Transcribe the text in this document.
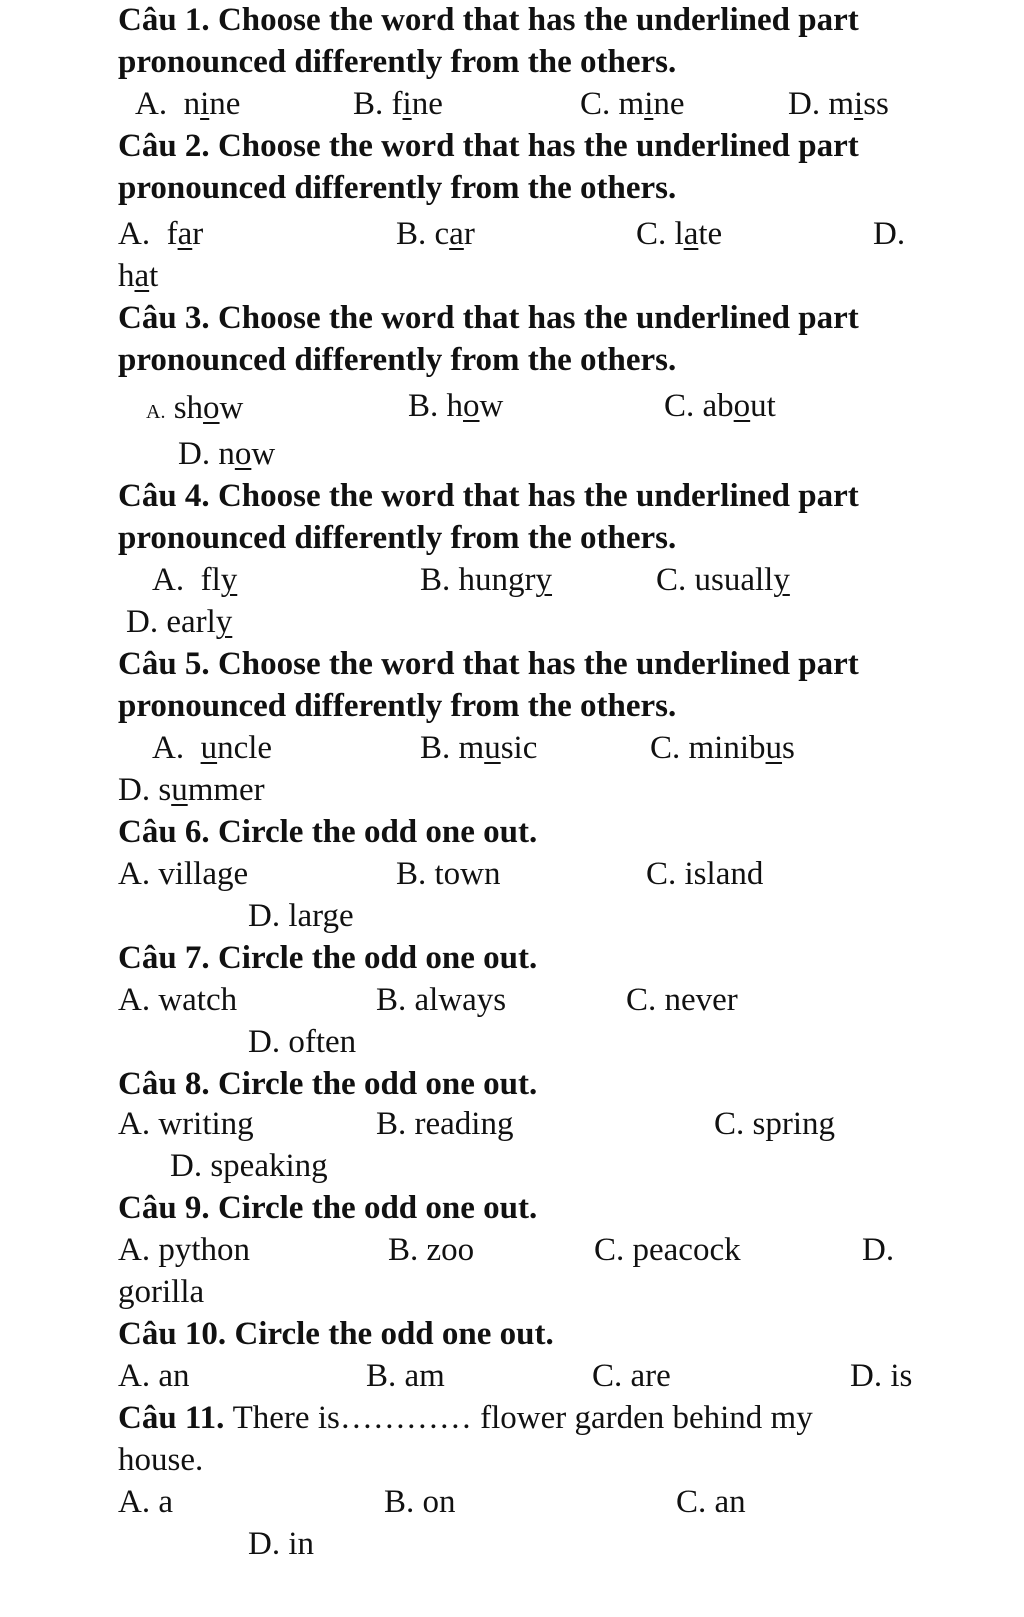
Câu 1. Choose the word that has the underlined part
pronounced differently from the others.
A. nine	B. fine	C. mine	D. miss
Câu 2. Choose the word that has the underlined part
pronounced differently from the others.
A. far	B. car	C. late	D.
hat
Câu 3. Choose the word that has the underlined part
pronounced differently from the others.
A. show	B. how	C. about
D. now
Câu 4. Choose the word that has the underlined part
pronounced differently from the others.
A. fly	B. hungry	C. usually
D. early
Câu 5. Choose the word that has the underlined part
pronounced differently from the others.
A. uncle	B. music	C. minibus
D. summer
Câu 6. Circle the odd one out.
A. village	B. town	C. island
D. large
Câu 7. Circle the odd one out.
A. watch	B. always	C. never
D. often
Câu 8. Circle the odd one out.
A. writing	B. reading	C. spring
D. speaking
Câu 9. Circle the odd one out.
A. python	B. zoo	C. peacock	D.
gorilla
Câu 10. Circle the odd one out.
A. an	B. am	C. are	D. is
Câu 11. There is………… flower garden behind my
house.
A. a	B. on	C. an
D. in
